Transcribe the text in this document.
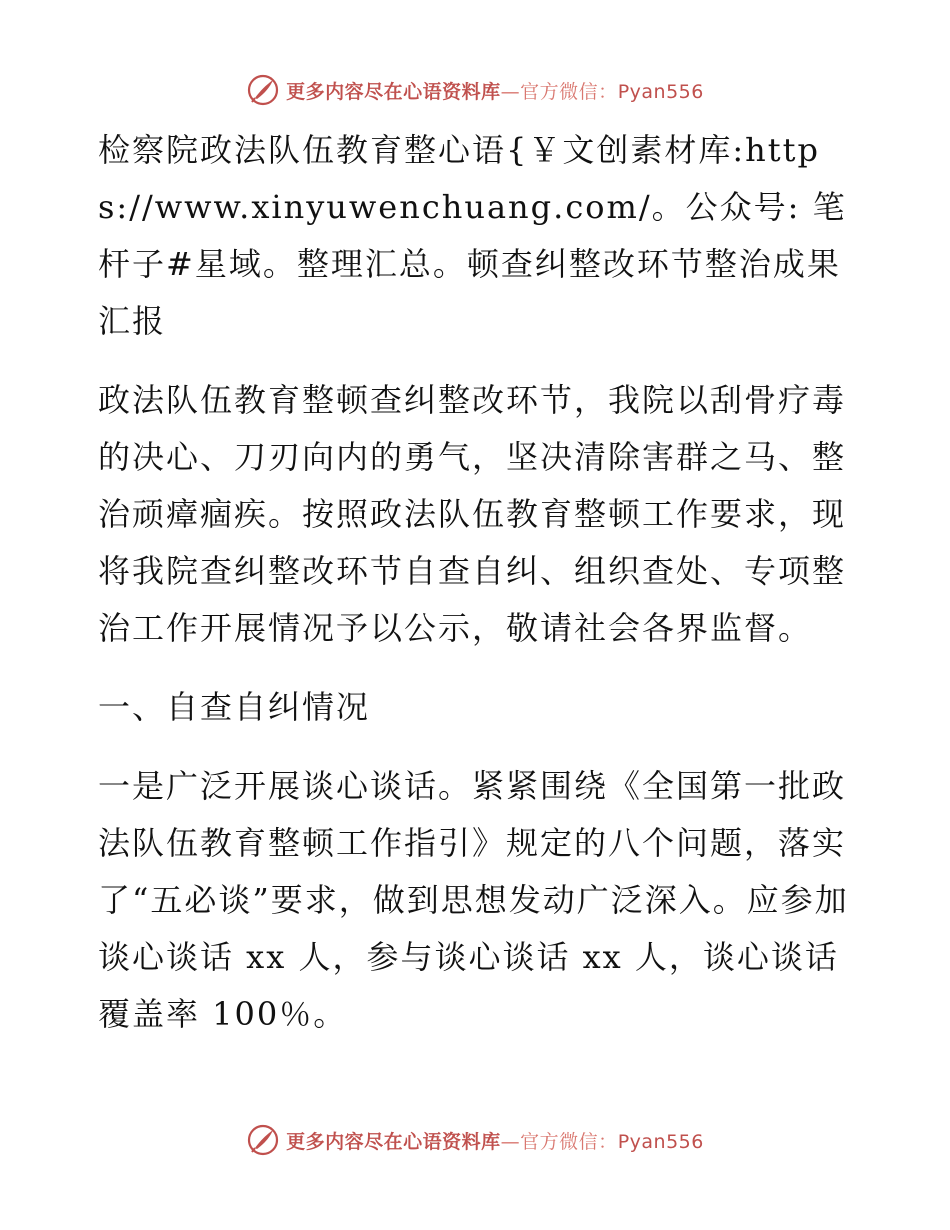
更多内容尽在心语资料库—官方微信：Pyan556

检察院政法队伍教育整心语{￥文创素材库:https://www.xinyuwenchuang.com/。公众号: 笔杆子#星域。整理汇总。顿查纠整改环节整治成果汇报

政法队伍教育整顿查纠整改环节，我院以刮骨疗毒的决心、刀刃向内的勇气，坚决清除害群之马、整治顽瘴痼疾。按照政法队伍教育整顿工作要求，现将我院查纠整改环节自查自纠、组织查处、专项整治工作开展情况予以公示，敬请社会各界监督。

一、自查自纠情况

一是广泛开展谈心谈话。紧紧围绕《全国第一批政法队伍教育整顿工作指引》规定的八个问题，落实了“五必谈”要求，做到思想发动广泛深入。应参加谈心谈话 xx 人，参与谈心谈话 xx 人，谈心谈话覆盖率 100％。

更多内容尽在心语资料库—官方微信：Pyan556
